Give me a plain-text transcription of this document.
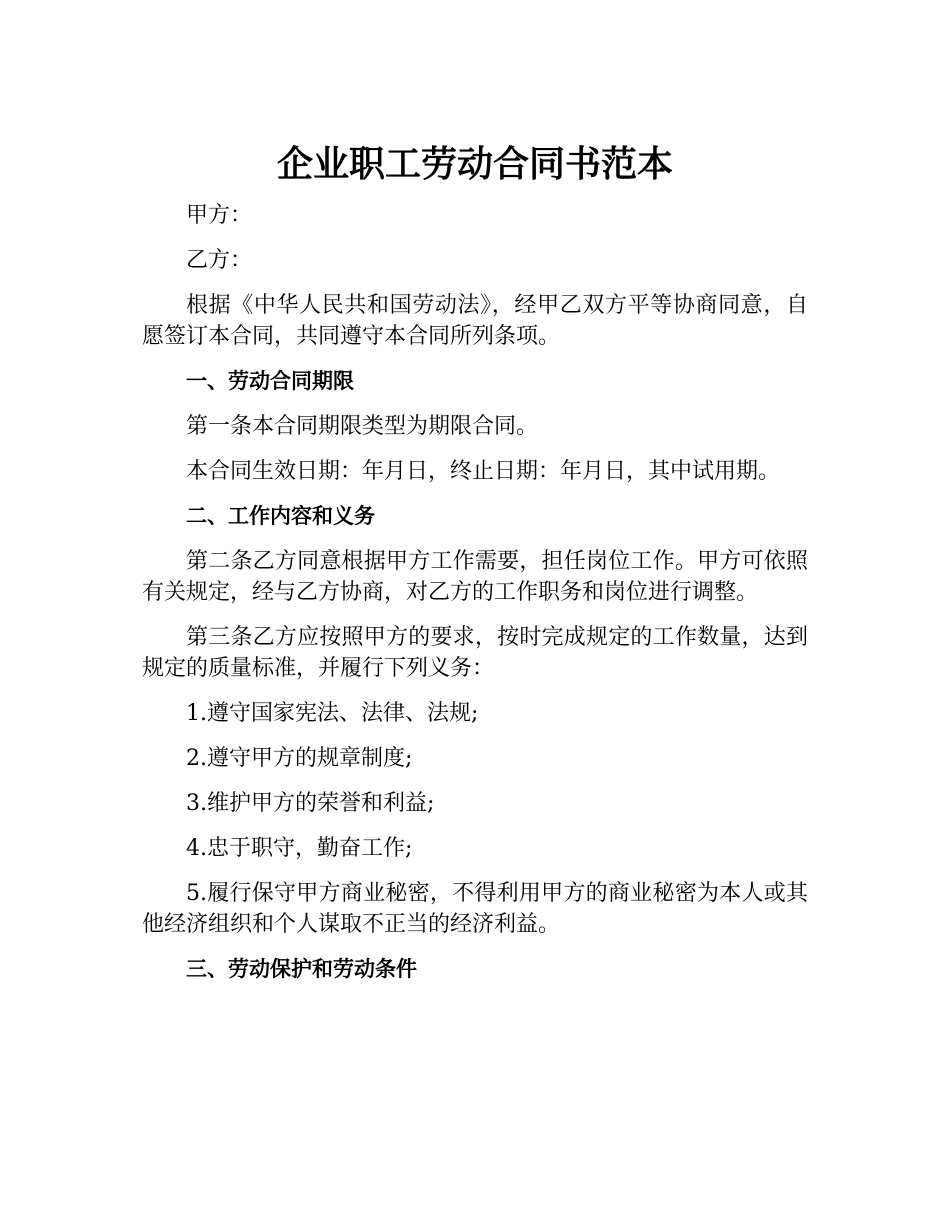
企业职工劳动合同书范本

甲方：

乙方：

根据《中华人民共和国劳动法》，经甲乙双方平等协商同意，自愿签订本合同，共同遵守本合同所列条项。

一、劳动合同期限

第一条本合同期限类型为期限合同。

本合同生效日期：年月日，终止日期：年月日，其中试用期。

二、工作内容和义务

第二条乙方同意根据甲方工作需要，担任岗位工作。甲方可依照有关规定，经与乙方协商，对乙方的工作职务和岗位进行调整。

第三条乙方应按照甲方的要求，按时完成规定的工作数量，达到规定的质量标准，并履行下列义务：

1.遵守国家宪法、法律、法规;

2.遵守甲方的规章制度;

3.维护甲方的荣誉和利益;

4.忠于职守，勤奋工作;

5.履行保守甲方商业秘密，不得利用甲方的商业秘密为本人或其他经济组织和个人谋取不正当的经济利益。

三、劳动保护和劳动条件
